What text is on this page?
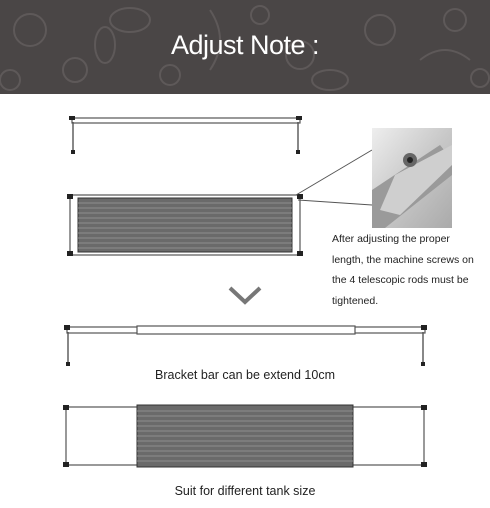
Adjust Note :
After adjusting the proper length, the machine screws on the 4 telescopic rods must be tightened.
Bracket bar can be extend 10cm
Suit for different tank size
